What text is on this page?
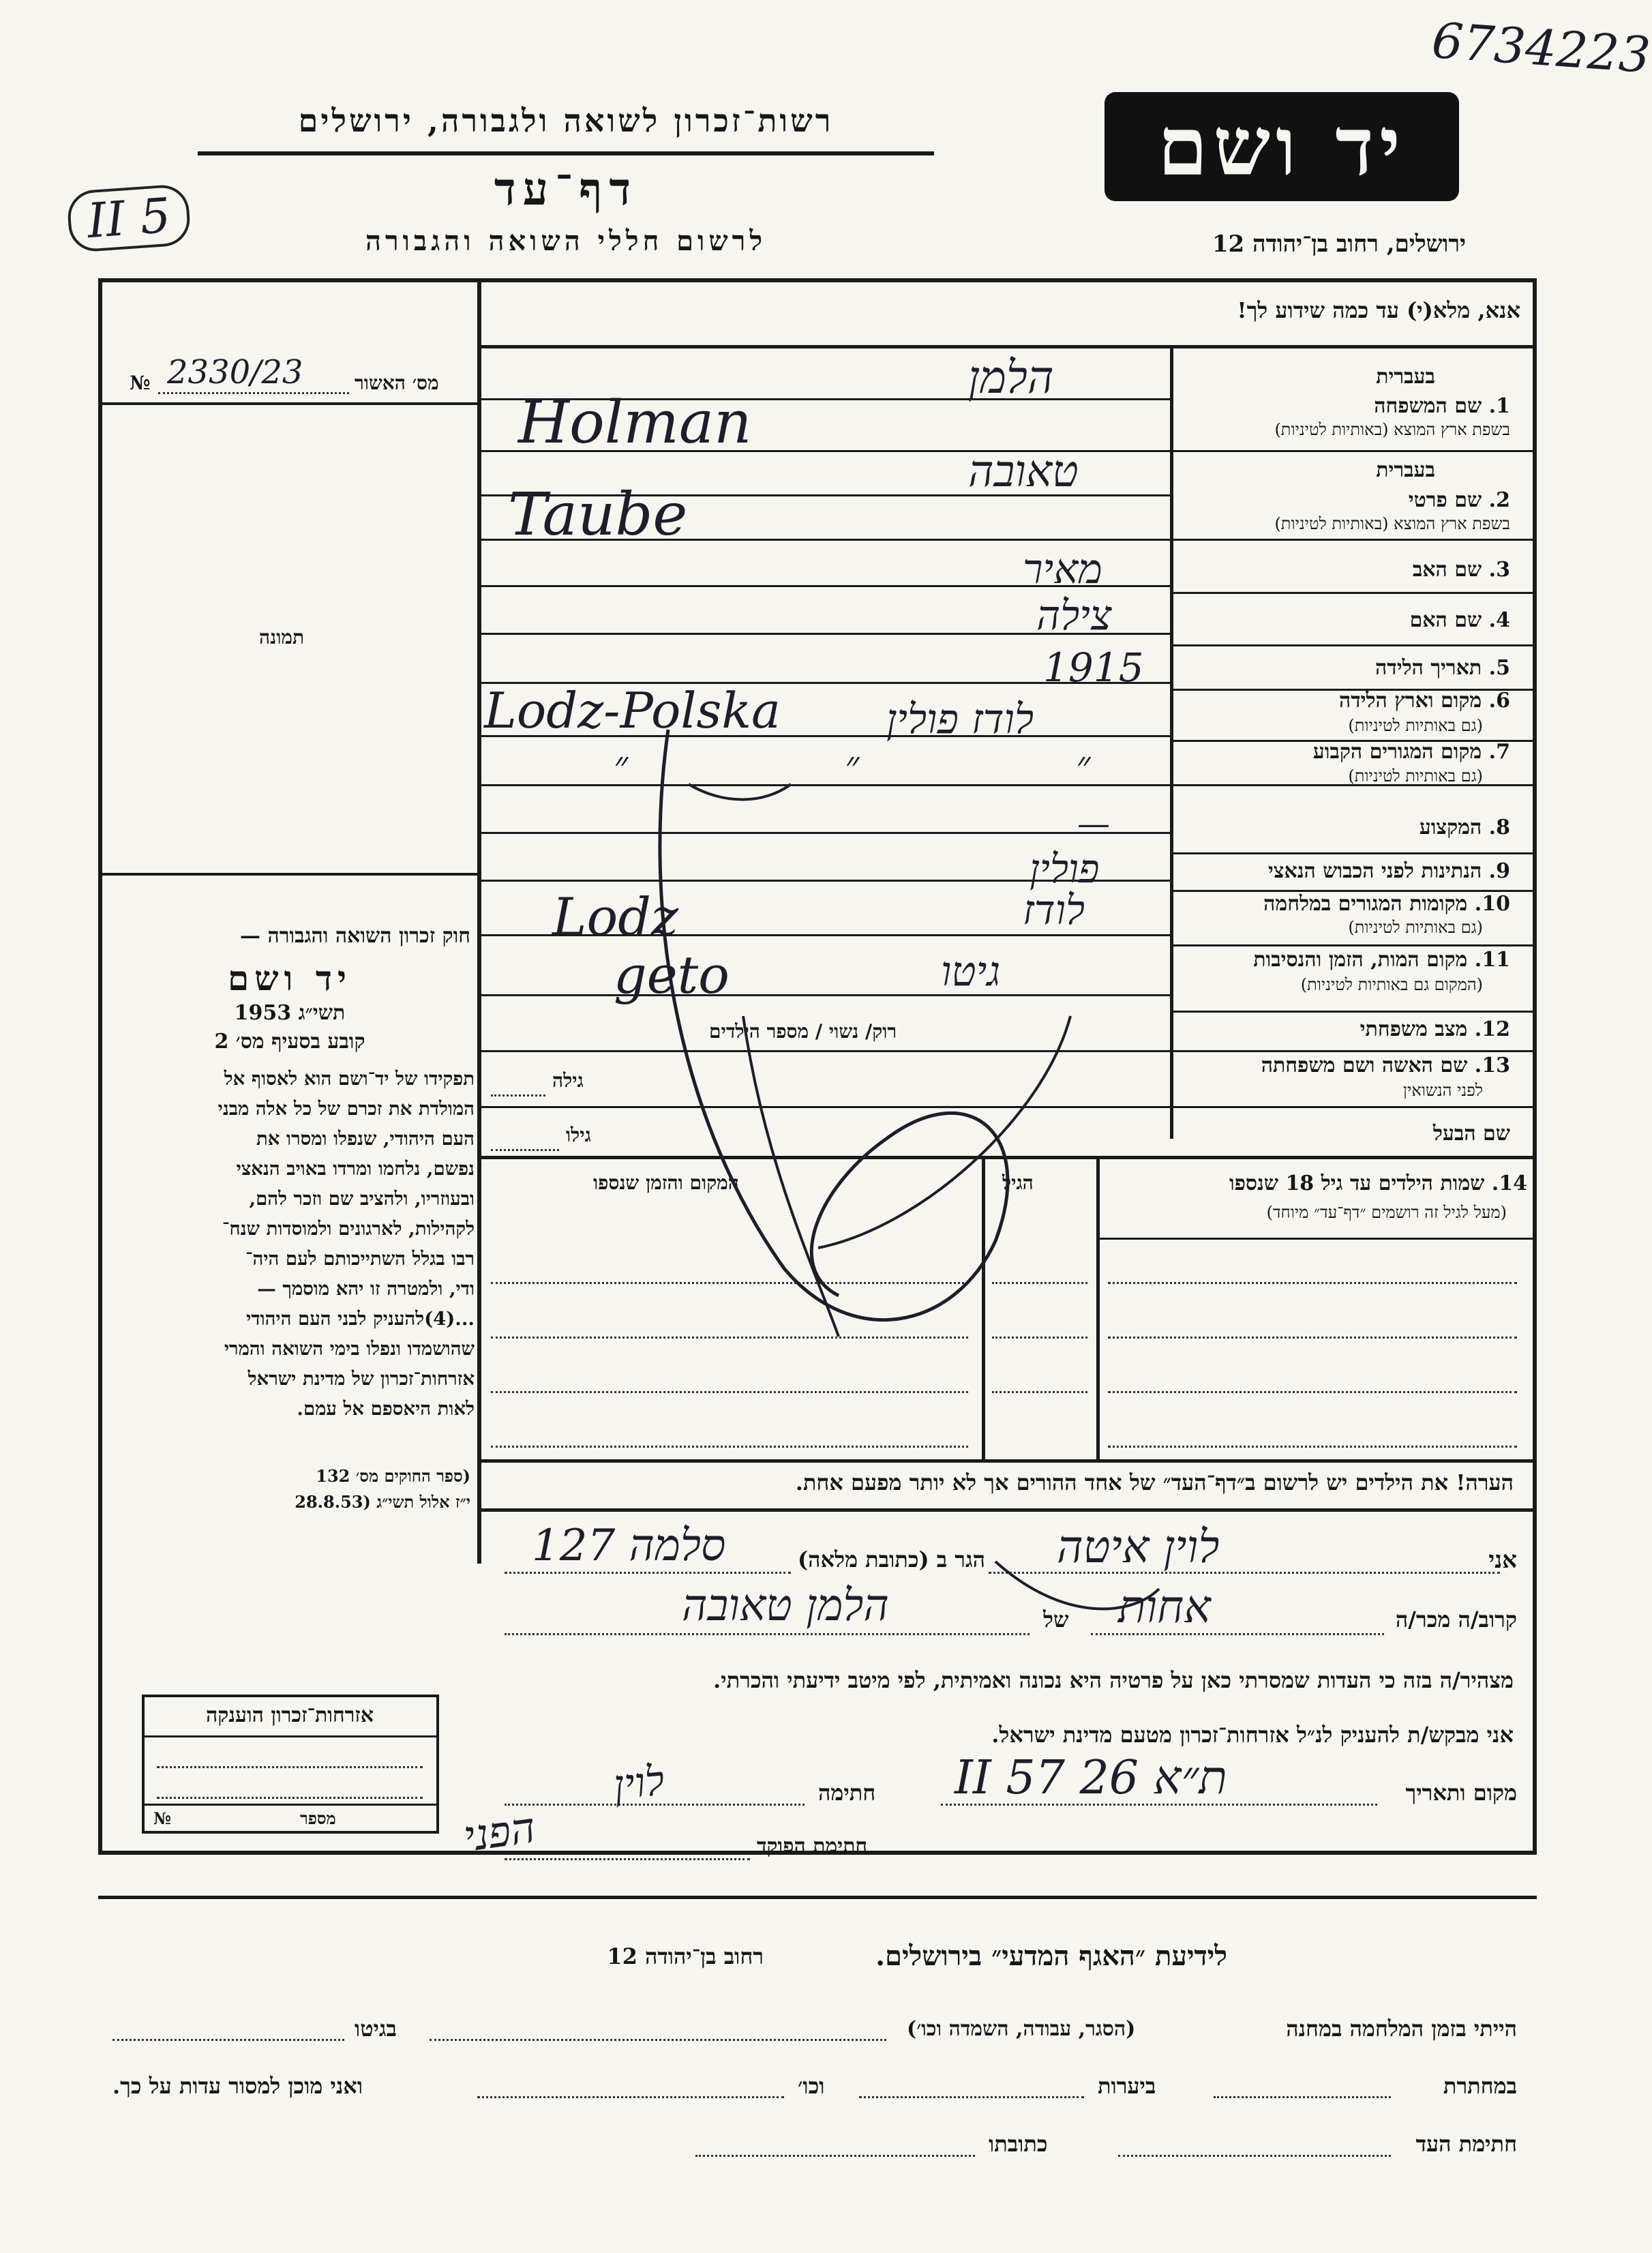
6734223
II 5
רשות־זכרון לשואה ולגבורה, ירושלים
דף־עד
לרשום חללי השואה והגבורה
יד ושם
ירושלים, רחוב בן־יהודה 12
אנא, מלא(י) עד כמה שידוע לך!
מס׳ האשור
№ 2330/23
תמונה
חוק זכרון השואה והגבורה —
יד ושם
תשי״ג 1953
קובע בסעיף מס׳ 2
תפקידו של יד־ושם הוא לאסוף אל
המולדת את זכרם של כל אלה מבני
העם היהודי, שנפלו ומסרו את
נפשם, נלחמו ומרדו באויב הנאצי
ובעוזריו, ולהציב שם וזכר להם,
לקהילות, לארגונים ולמוסדות שנח־
רבו בגלל השתייכותם לעם היה־
ודי, ולמטרה זו יהא מוסמך —
...(4)להעניק לבני העם היהודי
שהושמדו ונפלו בימי השואה והמרי
אזרחות־זכרון של מדינת ישראל
לאות היאספם אל עמם.
(ספר החוקים מס׳ 132
י״ז אלול תשי״ג (28.8.53
בעברית
1. שם המשפחה
בשפת ארץ המוצא (באותיות לטיניות)
הלמן
Holman
בעברית
2. שם פרטי
בשפת ארץ המוצא (באותיות לטיניות)
טאובה
Taube
3. שם האב
מאיר
4. שם האם
צילה
5. תאריך הלידה
1915
6. מקום וארץ הלידה
(גם באותיות לטיניות)
לודז פולין
Lodz-Polska
7. מקום המגורים הקבוע
(גם באותיות לטיניות)
״ ״ ״
8. המקצוע
—
9. הנתינות לפני הכבוש הנאצי
פולין
10. מקומות המגורים במלחמה
(גם באותיות לטיניות)
לודז
Lodz
11. מקום המות, הזמן והנסיבות
(המקום גם באותיות לטיניות)
גיטו
geto
12. מצב משפחתי
רוק/ נשוי / מספר הילדים
13. שם האשה ושם משפחתה
לפני הנשואין
גילה
שם הבעל
גילו
14. שמות הילדים עד גיל 18 שנספו
(מעל לגיל זה רושמים ״דף־עד״ מיוחד)
הגיל
המקום והזמן שנספו
הערה! את הילדים יש לרשום ב״דף־העד״ של אחד ההורים אך לא יותר מפעם אחת.
אני
לוין איטה
הגר ב (כתובת מלאה)
סלמה 127
קרוב/ה מכר/ה
אחות
של
הלמן טאובה
מצהיר/ה בזה כי העדות שמסרתי כאן על פרטיה היא נכונה ואמיתית, לפי מיטב ידיעתי והכרתי.
אני מבקש/ת להעניק לנ״ל אזרחות־זכרון מטעם מדינת ישראל.
מקום ותאריך
ת״א 26 II 57
חתימה
לוין
חתימת הפוקד
הפני
אזרחות־זכרון הוענקה
מספר
№
לידיעת ״האגף המדעי״ בירושלים.
רחוב בן־יהודה 12
הייתי בזמן המלחמה במחנה
(הסגר, עבודה, השמדה וכו׳)
בגיטו
במחתרת
ביערות
וכו׳
ואני מוכן למסור עדות על כך.
חתימת העד
כתובתו
